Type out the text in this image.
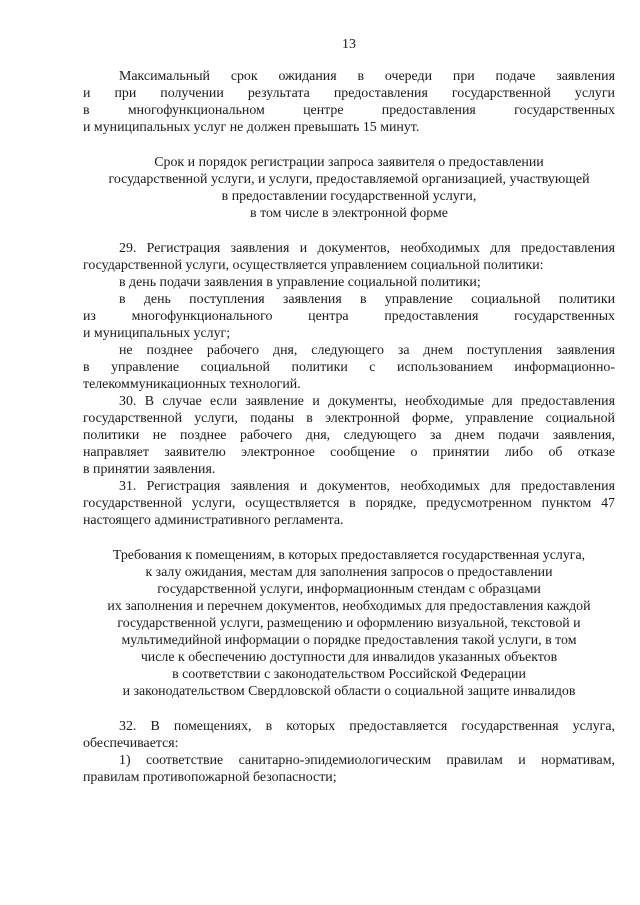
13

Максимальный срок ожидания в очереди при подаче заявления

и при получении результата предоставления государственной услуги

в многофункциональном центре предоставления государственных

и муниципальных услуг не должен превышать 15 минут.

Срок и порядок регистрации запроса заявителя о предоставлении

государственной услуги, и услуги, предоставляемой организацией, участвующей

в предоставлении государственной услуги,

в том числе в электронной форме

29. Регистрация заявления и документов, необходимых для предоставления

государственной услуги, осуществляется управлением социальной политики:

в день подачи заявления в управление социальной политики;

в день поступления заявления в управление социальной политики

из многофункционального центра предоставления государственных

и муниципальных услуг;

не позднее рабочего дня, следующего за днем поступления заявления

в управление социальной политики с использованием информационно-

телекоммуникационных технологий.

30. В случае если заявление и документы, необходимые для предоставления

государственной услуги, поданы в электронной форме, управление социальной

политики не позднее рабочего дня, следующего за днем подачи заявления,

направляет заявителю электронное сообщение о принятии либо об отказе

в принятии заявления.

31. Регистрация заявления и документов, необходимых для предоставления

государственной услуги, осуществляется в порядке, предусмотренном пунктом 47

настоящего административного регламента.

Требования к помещениям, в которых предоставляется государственная услуга,

к залу ожидания, местам для заполнения запросов о предоставлении

государственной услуги, информационным стендам с образцами

их заполнения и перечнем документов, необходимых для предоставления каждой

государственной услуги, размещению и оформлению визуальной, текстовой и

мультимедийной информации о порядке предоставления такой услуги, в том

числе к обеспечению доступности для инвалидов указанных объектов

в соответствии с законодательством Российской Федерации

и законодательством Свердловской области о социальной защите инвалидов

32. В помещениях, в которых предоставляется государственная услуга,

обеспечивается:

1) соответствие санитарно-эпидемиологическим правилам и нормативам,

правилам противопожарной безопасности;
